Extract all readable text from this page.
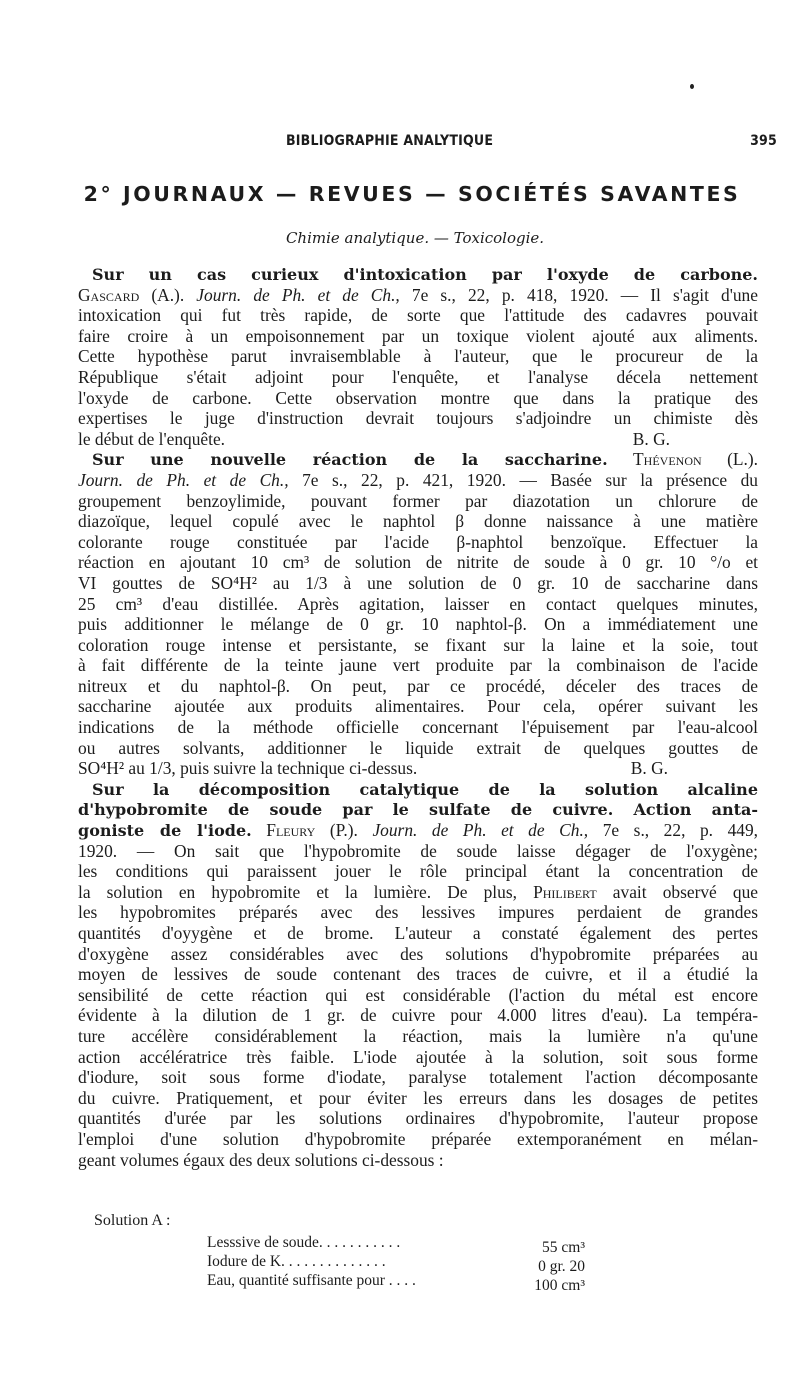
BIBLIOGRAPHIE ANALYTIQUE	395
2° JOURNAUX — REVUES — SOCIÉTÉS SAVANTES
Chimie analytique. — Toxicologie.
Sur un cas curieux d'intoxication par l'oxyde de carbone.
Gascard (A.). Journ. de Ph. et de Ch., 7e s., 22, p. 418, 1920. — Il s'agit d'une
intoxication qui fut très rapide, de sorte que l'attitude des cadavres pouvait
faire croire à un empoisonnement par un toxique violent ajouté aux aliments.
Cette hypothèse parut invraisemblable à l'auteur, que le procureur de la
République s'était adjoint pour l'enquête, et l'analyse décela nettement
l'oxyde de carbone. Cette observation montre que dans la pratique des
expertises le juge d'instruction devrait toujours s'adjoindre un chimiste dès
le début de l'enquête.	B. G.
Sur une nouvelle réaction de la saccharine. Thévenon (L.).
Journ. de Ph. et de Ch., 7e s., 22, p. 421, 1920. — Basée sur la présence du
groupement benzoylimide, pouvant former par diazotation un chlorure de
diazoïque, lequel copulé avec le naphtol β donne naissance à une matière
colorante rouge constituée par l'acide β-naphtol benzoïque. Effectuer la
réaction en ajoutant 10 cm³ de solution de nitrite de soude à 0 gr. 10 °/o et
VI gouttes de SO⁴H² au 1/3 à une solution de 0 gr. 10 de saccharine dans
25 cm³ d'eau distillée. Après agitation, laisser en contact quelques minutes,
puis additionner le mélange de 0 gr. 10 naphtol-β. On a immédiatement une
coloration rouge intense et persistante, se fixant sur la laine et la soie, tout
à fait différente de la teinte jaune vert produite par la combinaison de l'acide
nitreux et du naphtol-β. On peut, par ce procédé, déceler des traces de
saccharine ajoutée aux produits alimentaires. Pour cela, opérer suivant les
indications de la méthode officielle concernant l'épuisement par l'eau-alcool
ou autres solvants, additionner le liquide extrait de quelques gouttes de
SO⁴H² au 1/3, puis suivre la technique ci-dessus.	B. G.
Sur la décomposition catalytique de la solution alcaline
d'hypobromite de soude par le sulfate de cuivre. Action anta-
goniste de l'iode. Fleury (P.). Journ. de Ph. et de Ch., 7e s., 22, p. 449,
1920. — On sait que l'hypobromite de soude laisse dégager de l'oxygène;
les conditions qui paraissent jouer le rôle principal étant la concentration de
la solution en hypobromite et la lumière. De plus, Philibert avait observé que
les hypobromites préparés avec des lessives impures perdaient de grandes
quantités d'oyygène et de brome. L'auteur a constaté également des pertes
d'oxygène assez considérables avec des solutions d'hypobromite préparées au
moyen de lessives de soude contenant des traces de cuivre, et il a étudié la
sensibilité de cette réaction qui est considérable (l'action du métal est encore
évidente à la dilution de 1 gr. de cuivre pour 4.000 litres d'eau). La tempéra-
ture accélère considérablement la réaction, mais la lumière n'a qu'une
action accélératrice très faible. L'iode ajoutée à la solution, soit sous forme
d'iodure, soit sous forme d'iodate, paralyse totalement l'action décomposante
du cuivre. Pratiquement, et pour éviter les erreurs dans les dosages de petites
quantités d'urée par les solutions ordinaires d'hypobromite, l'auteur propose
l'emploi d'une solution d'hypobromite préparée extemporanément en mélan-
geant volumes égaux des deux solutions ci-dessous :
Solution A :
Lesssive de soude. . . . . . . . . . .	55 cm³
Iodure de K. . . . . . . . . . . . . .	0 gr. 20
Eau, quantité suffisante pour . . . .	100 cm³
